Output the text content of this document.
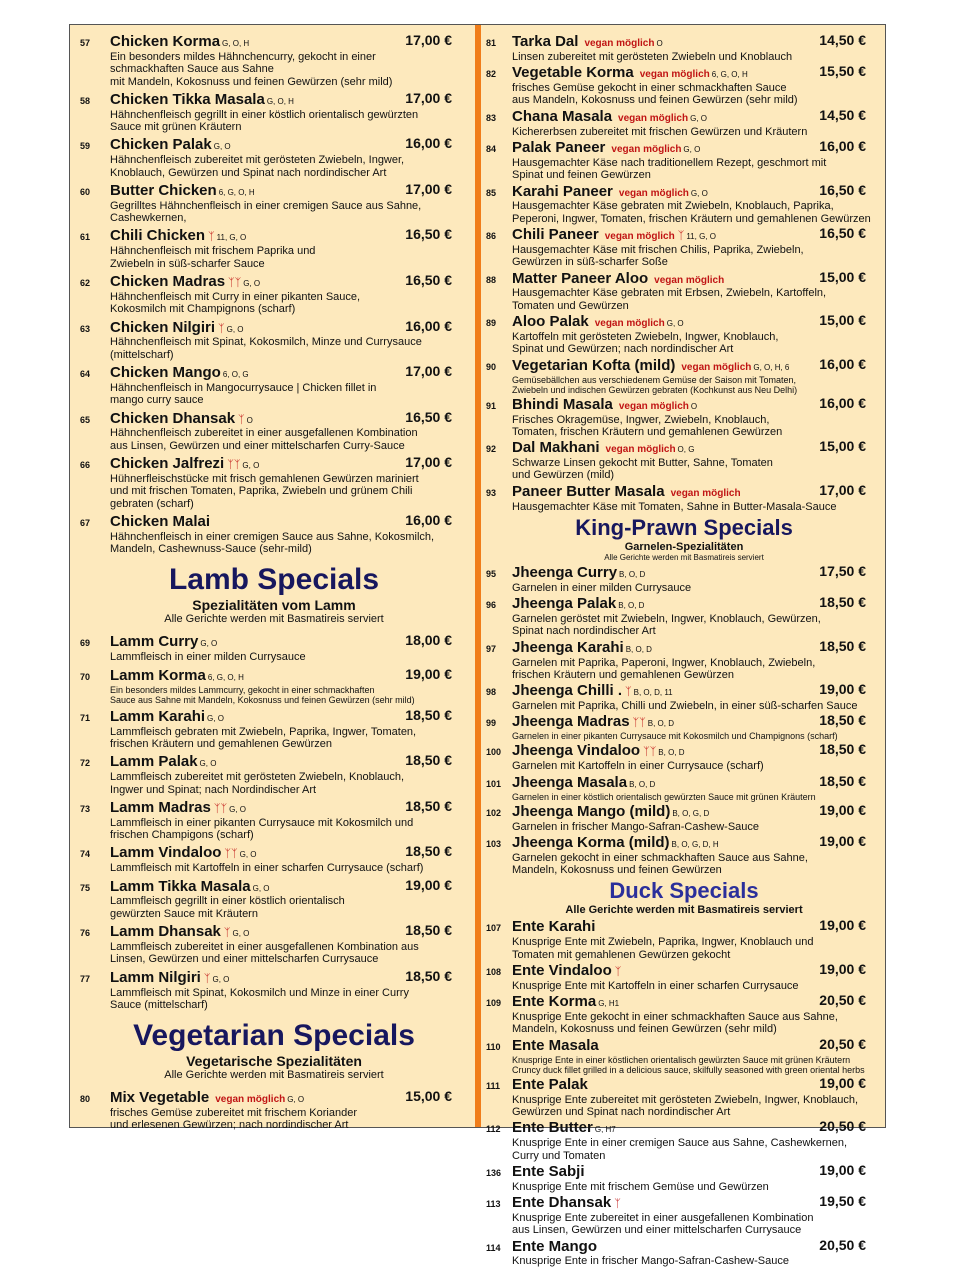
57 Chicken Korma G, O, H	17,00 €
Ein besonders mildes Hähnchencurry, gekocht in einer
schmackhaften Sauce aus Sahne
mit Mandeln, Kokosnuss und feinen Gewürzen (sehr mild)
58 Chicken Tikka Masala G, O, H	17,00 €
Hähnchenfleisch gegrillt in einer köstlich orientalisch gewürzten
Sauce mit grünen Kräutern
59 Chicken Palak G, O	16,00 €
Hähnchenfleisch zubereitet mit gerösteten Zwiebeln, Ingwer,
Knoblauch, Gewürzen und Spinat nach nordindischer Art
60 Butter Chicken 6, G, O, H	17,00 €
Gegrilltes Hähnchenfleisch in einer cremigen Sauce aus Sahne,
Cashewkernen,
61 Chili Chicken ᛉ 11, G, O	16,50 €
Hähnchenfleisch mit frischem Paprika und
Zwiebeln in süß-scharfer Sauce
62 Chicken Madras ᛉᛉ G, O	16,50 €
Hähnchenfleisch mit Curry in einer pikanten Sauce,
Kokosmilch mit Champignons (scharf)
63 Chicken Nilgiri ᛉ G, O	16,00 €
Hähnchenfleisch mit Spinat, Kokosmilch, Minze und Currysauce
(mittelscharf)
64 Chicken Mango 6, O, G	17,00 €
Hähnchenfleisch in Mangocurrysauce | Chicken fillet in
mango curry sauce
65 Chicken Dhansak ᛉ O	16,50 €
Hähnchenfleisch zubereitet in einer ausgefallenen Kombination
aus Linsen, Gewürzen und einer mittelscharfen Curry-Sauce
66 Chicken Jalfrezi ᛉᛉ G, O	17,00 €
Hühnerfleischstücke mit frisch gemahlenen Gewürzen mariniert
und mit frischen Tomaten, Paprika, Zwiebeln und grünem Chili
gebraten (scharf)
67 Chicken Malai	16,00 €
Hähnchenfleisch in einer cremigen Sauce aus Sahne, Kokosmilch,
Mandeln, Cashewnuss-Sauce (sehr-mild)
Lamb Specials
Spezialitäten vom Lamm
Alle Gerichte werden mit Basmatireis serviert
69 Lamm Curry G, O	18,00 €
Lammfleisch in einer milden Currysauce
70 Lamm Korma 6, G, O, H	19,00 €
Ein besonders mildes Lammcurry, gekocht in einer schmackhaften
Sauce aus Sahne mit Mandeln, Kokosnuss und feinen Gewürzen (sehr mild)
71 Lamm Karahi G, O	18,50 €
Lammfleisch gebraten mit Zwiebeln, Paprika, Ingwer, Tomaten,
frischen Kräutern und gemahlenen Gewürzen
72 Lamm Palak G, O	18,50 €
Lammfleisch zubereitet mit gerösteten Zwiebeln, Knoblauch,
Ingwer und Spinat; nach Nordindischer Art
73 Lamm Madras ᛉᛉ G, O	18,50 €
Lammfleisch in einer pikanten Currysauce mit Kokosmilch und
frischen Champigons (scharf)
74 Lamm Vindaloo ᛉᛉ G, O	18,50 €
Lammfleisch mit Kartoffeln in einer scharfen Currysauce (scharf)
75 Lamm Tikka Masala G, O	19,00 €
Lammfleisch gegrillt in einer köstlich orientalisch
gewürzten Sauce mit Kräutern
76 Lamm Dhansak ᛉ G, O	18,50 €
Lammfleisch zubereitet in einer ausgefallenen Kombination aus
Linsen, Gewürzen und einer mittelscharfen Currysauce
77 Lamm Nilgiri ᛉ G, O	18,50 €
Lammfleisch mit Spinat, Kokosmilch und Minze in einer Curry
Sauce (mittelscharf)
Vegetarian Specials
Vegetarische Spezialitäten
Alle Gerichte werden mit Basmatireis serviert
80 Mix Vegetable vegan möglich G, O	15,00 €
frisches Gemüse zubereitet mit frischem Koriander
und erlesenen Gewürzen; nach nordindischer Art
81 Tarka Dal vegan möglich O	14,50 €
Linsen zubereitet mit gerösteten Zwiebeln und Knoblauch
82 Vegetable Korma vegan möglich 6, G, O, H	15,50 €
frisches Gemüse gekocht in einer schmackhaften Sauce
aus Mandeln, Kokosnuss und feinen Gewürzen (sehr mild)
83 Chana Masala vegan möglich G, O	14,50 €
Kichererbsen zubereitet mit frischen Gewürzen und Kräutern
84 Palak Paneer vegan möglich G, O	16,00 €
Hausgemachter Käse nach traditionellem Rezept, geschmort mit
Spinat und feinen Gewürzen
85 Karahi Paneer vegan möglich G, O	16,50 €
Hausgemachter Käse gebraten mit Zwiebeln, Knoblauch, Paprika,
Peperoni, Ingwer, Tomaten, frischen Kräutern und gemahlenen Gewürzen
86 Chili Paneer vegan möglich ᛉ 11, G, O	16,50 €
Hausgemachter Käse mit frischen Chilis, Paprika, Zwiebeln,
Gewürzen in süß-scharfer Soße
88 Matter Paneer Aloo vegan möglich	15,00 €
Hausgemachter Käse gebraten mit Erbsen, Zwiebeln, Kartoffeln,
Tomaten und Gewürzen
89 Aloo Palak vegan möglich G, O	15,00 €
Kartoffeln mit gerösteten Zwiebeln, Ingwer, Knoblauch,
Spinat und Gewürzen; nach nordindischer Art
90 Vegetarian Kofta (mild) vegan möglich G, O, H, 6	16,00 €
Gemüsebällchen aus verschiedenem Gemüse der Saison mit Tomaten,
Zwiebeln und indischen Gewürzen gebraten (Kochkunst aus Neu Delhi)
91 Bhindi Masala vegan möglich O	16,00 €
Frisches Okragemüse, Ingwer, Zwiebeln, Knoblauch,
Tomaten, frischen Kräutern und gemahlenen Gewürzen
92 Dal Makhani vegan möglich O, G	15,00 €
Schwarze Linsen gekocht mit Butter, Sahne, Tomaten
und Gewürzen (mild)
93 Paneer Butter Masala vegan möglich	17,00 €
Hausgemachter Käse mit Tomaten, Sahne in Butter-Masala-Sauce
King-Prawn Specials
Garnelen-Spezialitäten
Alle Gerichte werden mit Basmatireis serviert
95 Jheenga Curry B, O, D	17,50 €
Garnelen in einer milden Currysauce
96 Jheenga Palak B, O, D	18,50 €
Garnelen geröstet mit Zwiebeln, Ingwer, Knoblauch, Gewürzen,
Spinat nach nordindischer Art
97 Jheenga Karahi B, O, D	18,50 €
Garnelen mit Paprika, Paperoni, Ingwer, Knoblauch, Zwiebeln,
frischen Kräutern und gemahlenen Gewürzen
98 Jheenga Chilli . ᛉ B, O, D, 11	19,00 €
Garnelen mit Paprika, Chilli und Zwiebeln, in einer süß-scharfen Sauce
99 Jheenga Madras ᛉᛉ B, O, D	18,50 €
Garnelen in einer pikanten Currysauce mit Kokosmilch und Champignons (scharf)
100 Jheenga Vindaloo ᛉᛉ B, O, D	18,50 €
Garnelen mit Kartoffeln in einer Currysauce (scharf)
101 Jheenga Masala B, O, D	18,50 €
Garnelen in einer köstlich orientalisch gewürzten Sauce mit grünen Kräutern
102 Jheenga Mango (mild) B, O, G, D	19,00 €
Garnelen in frischer Mango-Safran-Cashew-Sauce
103 Jheenga Korma (mild) B, O, G, D, H	19,00 €
Garnelen gekocht in einer schmackhaften Sauce aus Sahne,
Mandeln, Kokosnuss und feinen Gewürzen
Duck Specials
Alle Gerichte werden mit Basmatireis serviert
107 Ente Karahi	19,00 €
Knusprige Ente mit Zwiebeln, Paprika, Ingwer, Knoblauch und
Tomaten mit gemahlenen Gewürzen gekocht
108 Ente Vindaloo ᛉ	19,00 €
Knusprige Ente mit Kartoffeln in einer scharfen Currysauce
109 Ente Korma G, H1	20,50 €
Knusprige Ente gekocht in einer schmackhaften Sauce aus Sahne,
Mandeln, Kokosnuss und feinen Gewürzen (sehr mild)
110 Ente Masala	20,50 €
Knusprige Ente in einer köstlichen orientalisch gewürzten Sauce mit grünen Kräutern
Cruncy duck fillet grilled in a delicious sauce, skilfully seasoned with green oriental herbs
111 Ente Palak	19,00 €
Knusprige Ente zubereitet mit gerösteten Zwiebeln, Ingwer, Knoblauch,
Gewürzen und Spinat nach nordindischer Art
112 Ente Butter G, H7	20,50 €
Knusprige Ente in einer cremigen Sauce aus Sahne, Cashewkernen,
Curry und Tomaten
136 Ente Sabji	19,00 €
Knusprige Ente mit frischem Gemüse und Gewürzen
113 Ente Dhansak ᛉ	19,50 €
Knusprige Ente zubereitet in einer ausgefallenen Kombination
aus Linsen, Gewürzen und einer mittelscharfen Currysauce
114 Ente Mango	20,50 €
Knusprige Ente in frischer Mango-Safran-Cashew-Sauce
